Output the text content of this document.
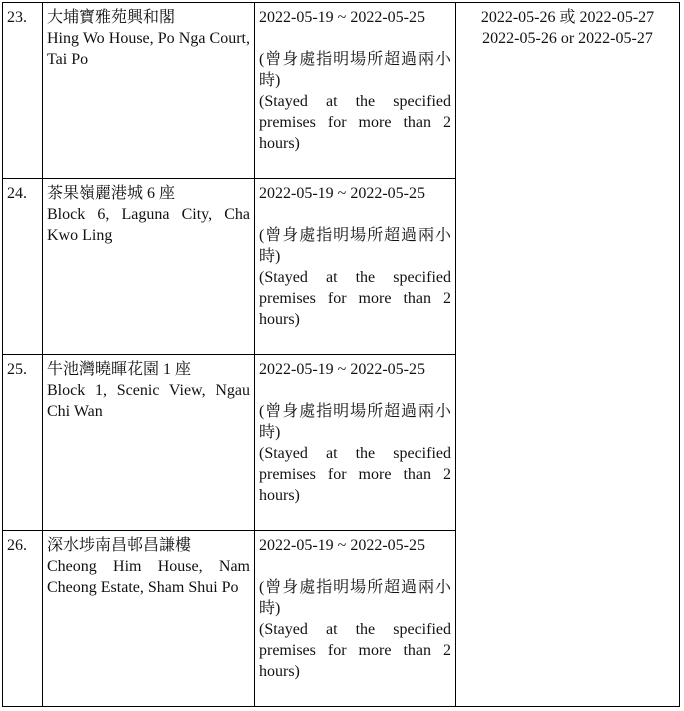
23.	大埔寶雅苑興和閣
Hing Wo House, Po Nga Court, Tai Po	2022-05-19 ~ 2022-05-25
(曾身處指明場所超過兩小時)
(Stayed at the specified premises for more than 2 hours)	2022-05-26 或 2022-05-27
2022-05-26 or 2022-05-27

24.	茶果嶺麗港城 6 座
Block 6, Laguna City, Cha Kwo Ling	2022-05-19 ~ 2022-05-25
(曾身處指明場所超過兩小時)
(Stayed at the specified premises for more than 2 hours)	

25.	牛池灣曉暉花園 1 座
Block 1, Scenic View, Ngau Chi Wan	2022-05-19 ~ 2022-05-25
(曾身處指明場所超過兩小時)
(Stayed at the specified premises for more than 2 hours)	

26.	深水埗南昌邨昌謙樓
Cheong Him House, Nam Cheong Estate, Sham Shui Po	2022-05-19 ~ 2022-05-25
(曾身處指明場所超過兩小時)
(Stayed at the specified premises for more than 2 hours)	
